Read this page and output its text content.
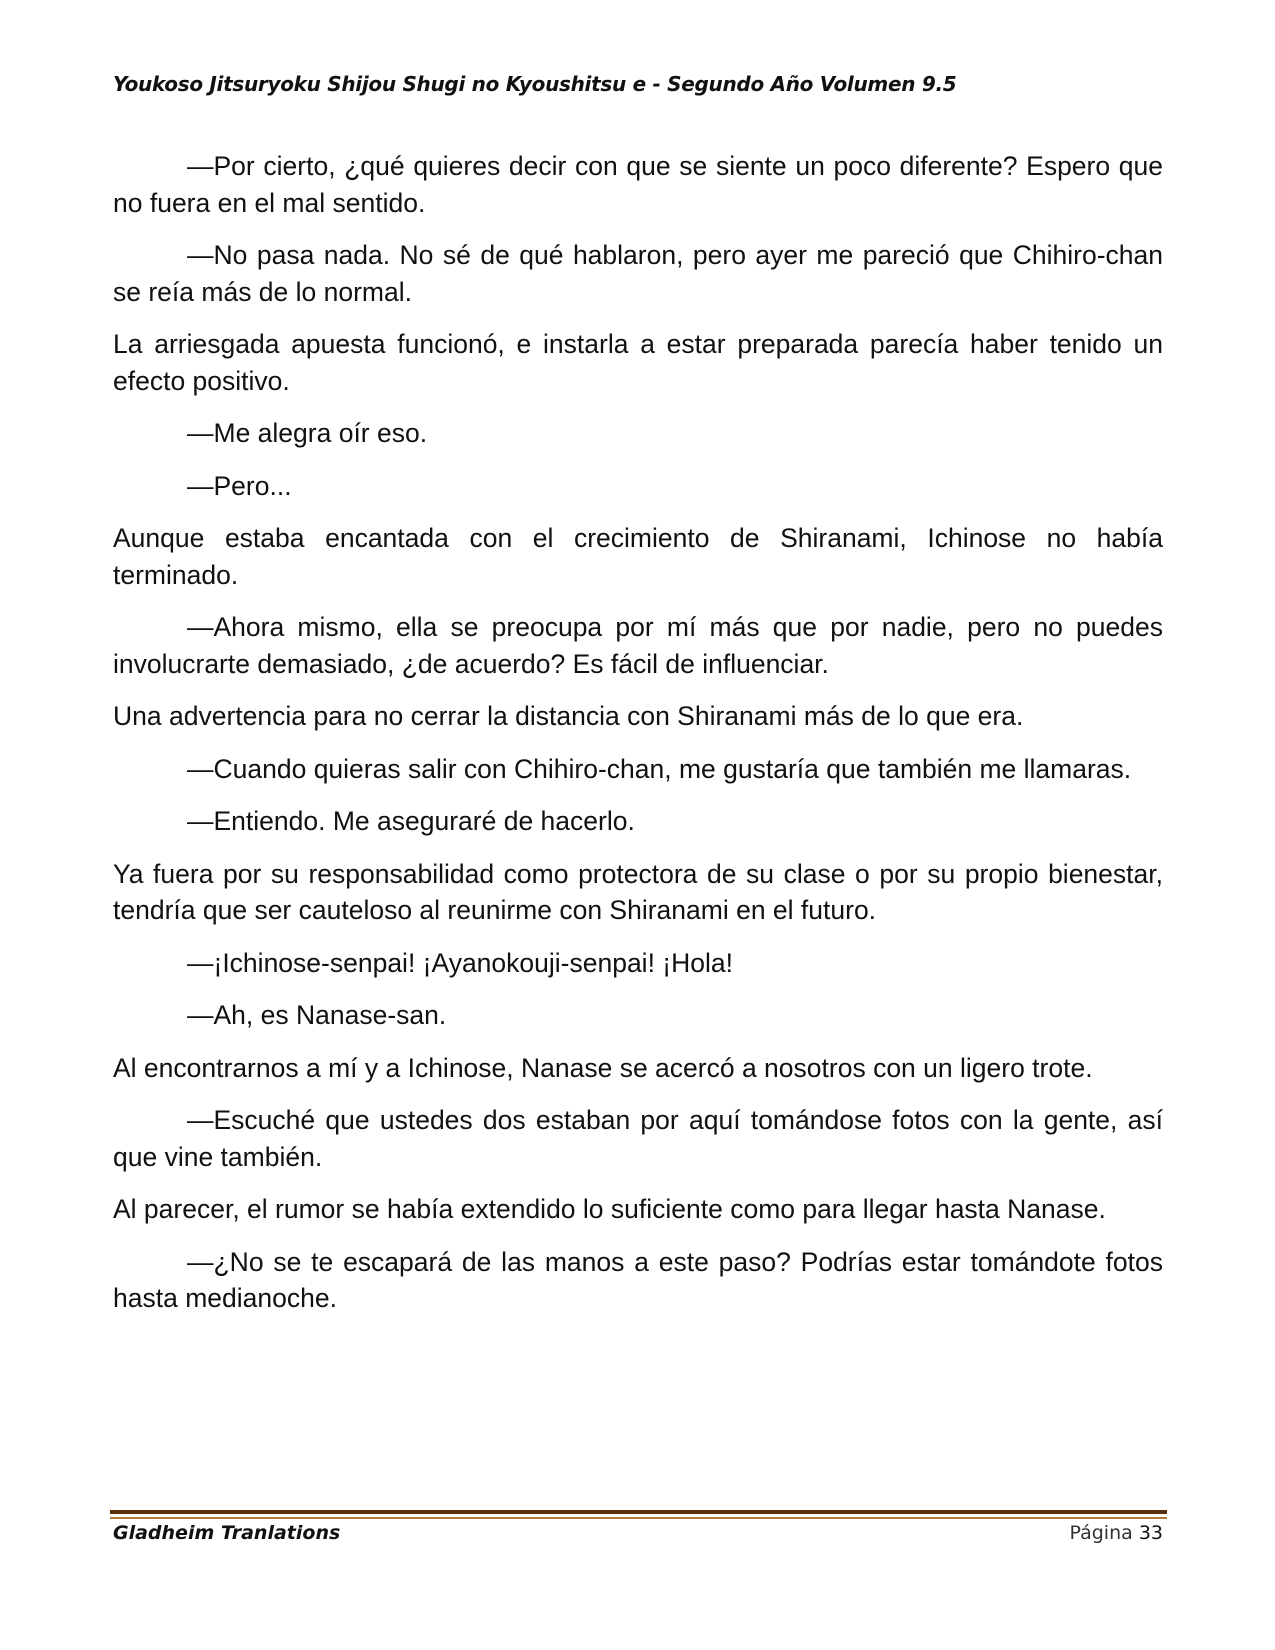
Youkoso Jitsuryoku Shijou Shugi no Kyoushitsu e - Segundo Año Volumen 9.5

—Por cierto, ¿qué quieres decir con que se siente un poco diferente? Espero que no fuera en el mal sentido.

—No pasa nada. No sé de qué hablaron, pero ayer me pareció que Chihiro-chan se reía más de lo normal.

La arriesgada apuesta funcionó, e instarla a estar preparada parecía haber tenido un efecto positivo.

—Me alegra oír eso.

—Pero...

Aunque estaba encantada con el crecimiento de Shiranami, Ichinose no había terminado.

—Ahora mismo, ella se preocupa por mí más que por nadie, pero no puedes involucrarte demasiado, ¿de acuerdo? Es fácil de influenciar.

Una advertencia para no cerrar la distancia con Shiranami más de lo que era.

—Cuando quieras salir con Chihiro-chan, me gustaría que también me llamaras.

—Entiendo. Me aseguraré de hacerlo.

Ya fuera por su responsabilidad como protectora de su clase o por su propio bienestar, tendría que ser cauteloso al reunirme con Shiranami en el futuro.

—¡Ichinose-senpai! ¡Ayanokouji-senpai! ¡Hola!

—Ah, es Nanase-san.

Al encontrarnos a mí y a Ichinose, Nanase se acercó a nosotros con un ligero trote.

—Escuché que ustedes dos estaban por aquí tomándose fotos con la gente, así que vine también.

Al parecer, el rumor se había extendido lo suficiente como para llegar hasta Nanase.

—¿No se te escapará de las manos a este paso? Podrías estar tomándote fotos hasta medianoche.

Gladheim Tranlations	Página 33
